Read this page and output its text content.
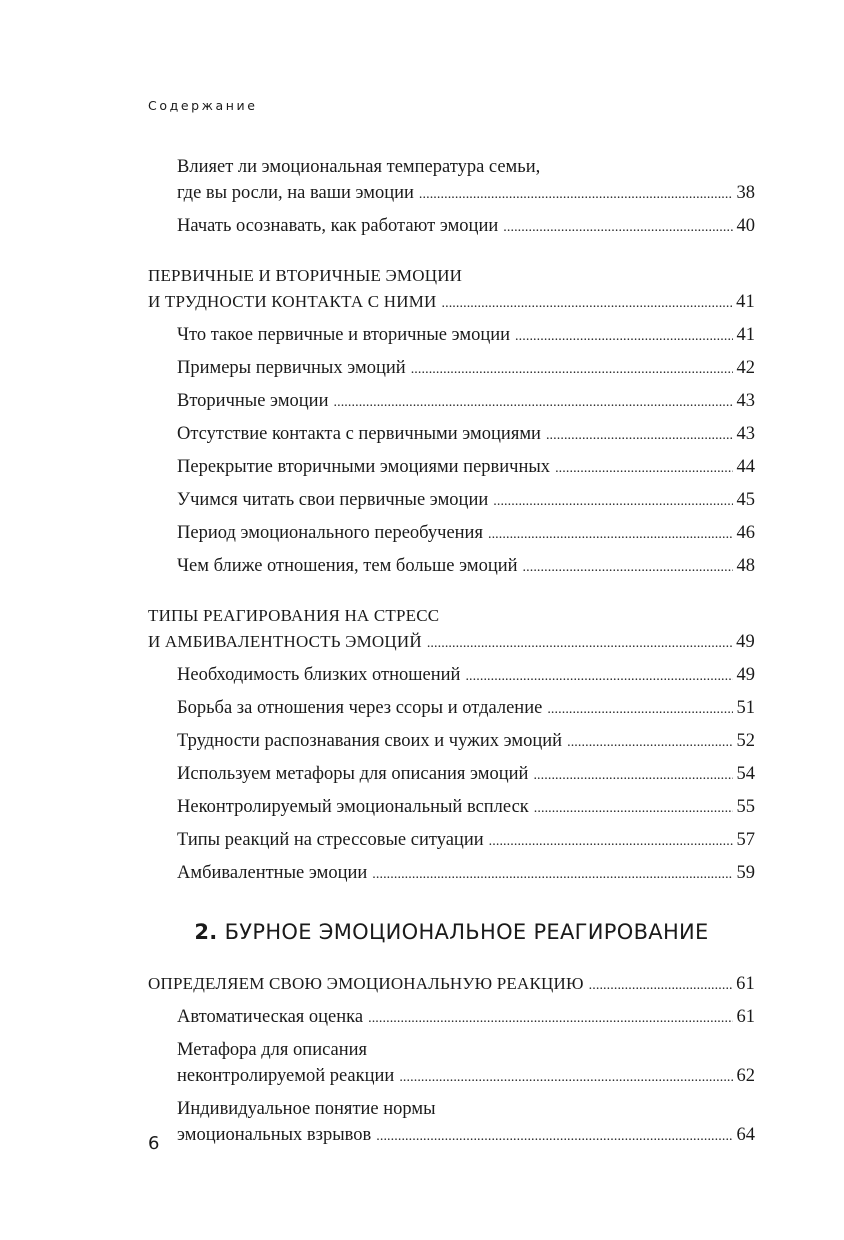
Содержание
Влияет ли эмоциональная температура семьи,
где вы росли, на ваши эмоции . . .	38
Начать осознавать, как работают эмоции . . .	40
ПЕРВИЧНЫЕ И ВТОРИЧНЫЕ ЭМОЦИИ
И ТРУДНОСТИ КОНТАКТА С НИМИ . . .	41
Что такое первичные и вторичные эмоции . . .	41
Примеры первичных эмоций . . .	42
Вторичные эмоции . . .	43
Отсутствие контакта с первичными эмоциями . . .	43
Перекрытие вторичными эмоциями первичных . . .	44
Учимся читать свои первичные эмоции . . .	45
Период эмоционального переобучения . . .	46
Чем ближе отношения, тем больше эмоций . . .	48
ТИПЫ РЕАГИРОВАНИЯ НА СТРЕСС
И АМБИВАЛЕНТНОСТЬ ЭМОЦИЙ . . .	49
Необходимость близких отношений . . .	49
Борьба за отношения через ссоры и отдаление . . .	51
Трудности распознавания своих и чужих эмоций . . .	52
Используем метафоры для описания эмоций . . .	54
Неконтролируемый эмоциональный всплеск . . .	55
Типы реакций на стрессовые ситуации . . .	57
Амбивалентные эмоции . . .	59
2. БУРНОЕ ЭМОЦИОНАЛЬНОЕ РЕАГИРОВАНИЕ
ОПРЕДЕЛЯЕМ СВОЮ ЭМОЦИОНАЛЬНУЮ РЕАКЦИЮ . . .	61
Автоматическая оценка . . .	61
Метафора для описания
неконтролируемой реакции . . .	62
Индивидуальное понятие нормы
эмоциональных взрывов . . .	64
6
